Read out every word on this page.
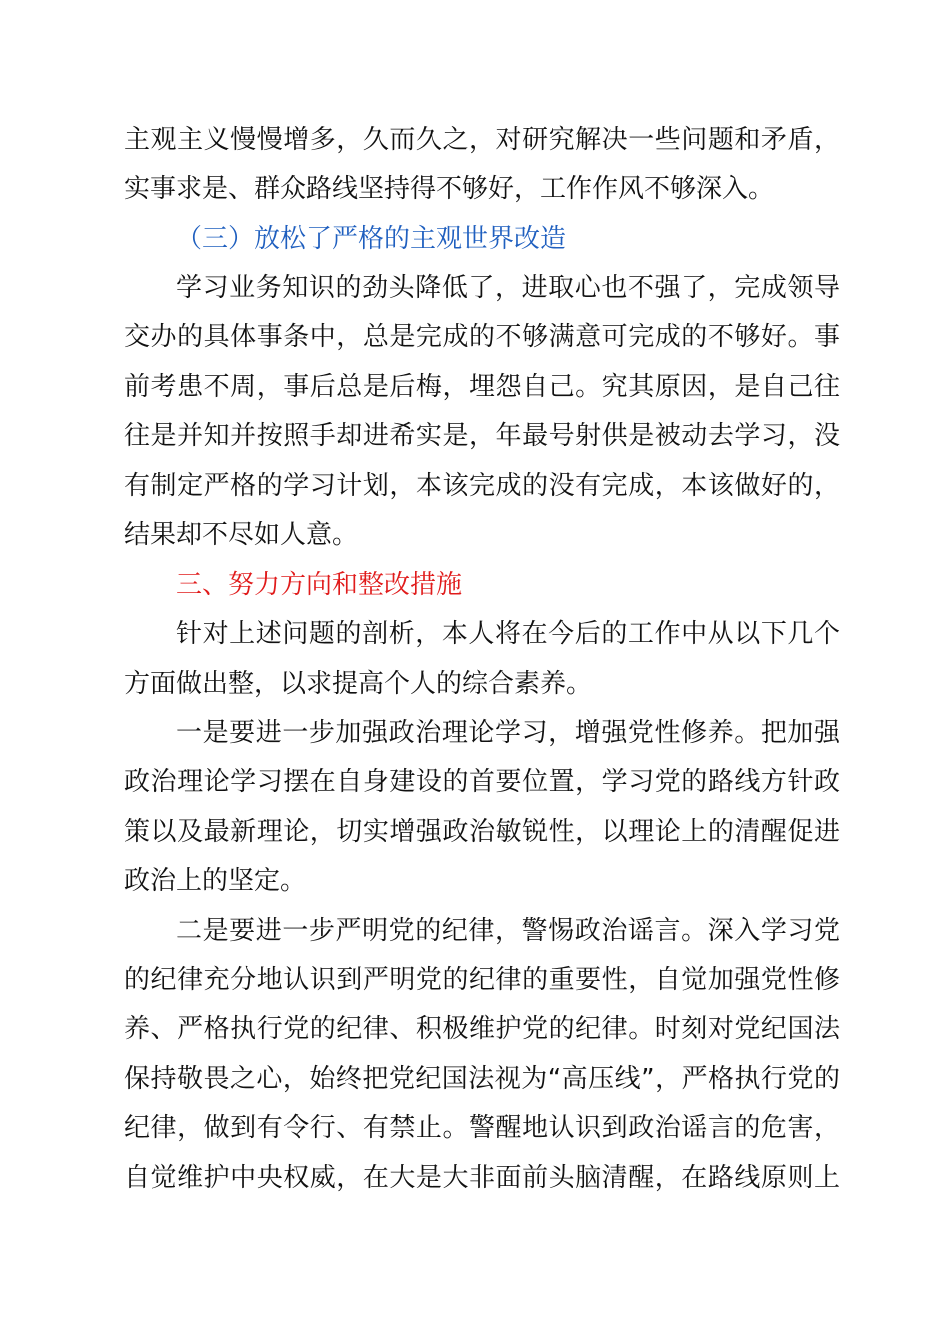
主观主义慢慢增多，久而久之，对研究解决一些问题和矛盾，
实事求是、群众路线坚持得不够好，工作作风不够深入。
（三）放松了严格的主观世界改造
学习业务知识的劲头降低了，进取心也不强了，完成领导
交办的具体事条中，总是完成的不够满意可完成的不够好。事
前考患不周，事后总是后梅，埋怨自己。究其原因，是自己往
往是并知并按照手却进希实是，年最号射供是被动去学习，没
有制定严格的学习计划，本该完成的没有完成，本该做好的，
结果却不尽如人意。
三、努力方向和整改措施
针对上述问题的剖析，本人将在今后的工作中从以下几个
方面做出整，以求提高个人的综合素养。
一是要进一步加强政治理论学习，增强党性修养。把加强
政治理论学习摆在自身建设的首要位置，学习党的路线方针政
策以及最新理论，切实增强政治敏锐性，以理论上的清醒促进
政治上的坚定。
二是要进一步严明党的纪律，警惕政治谣言。深入学习党
的纪律充分地认识到严明党的纪律的重要性，自觉加强党性修
养、严格执行党的纪律、积极维护党的纪律。时刻对党纪国法
保持敬畏之心，始终把党纪国法视为“高压线”，严格执行党的
纪律，做到有令行、有禁止。警醒地认识到政治谣言的危害，
自觉维护中央权威，在大是大非面前头脑清醒，在路线原则上
